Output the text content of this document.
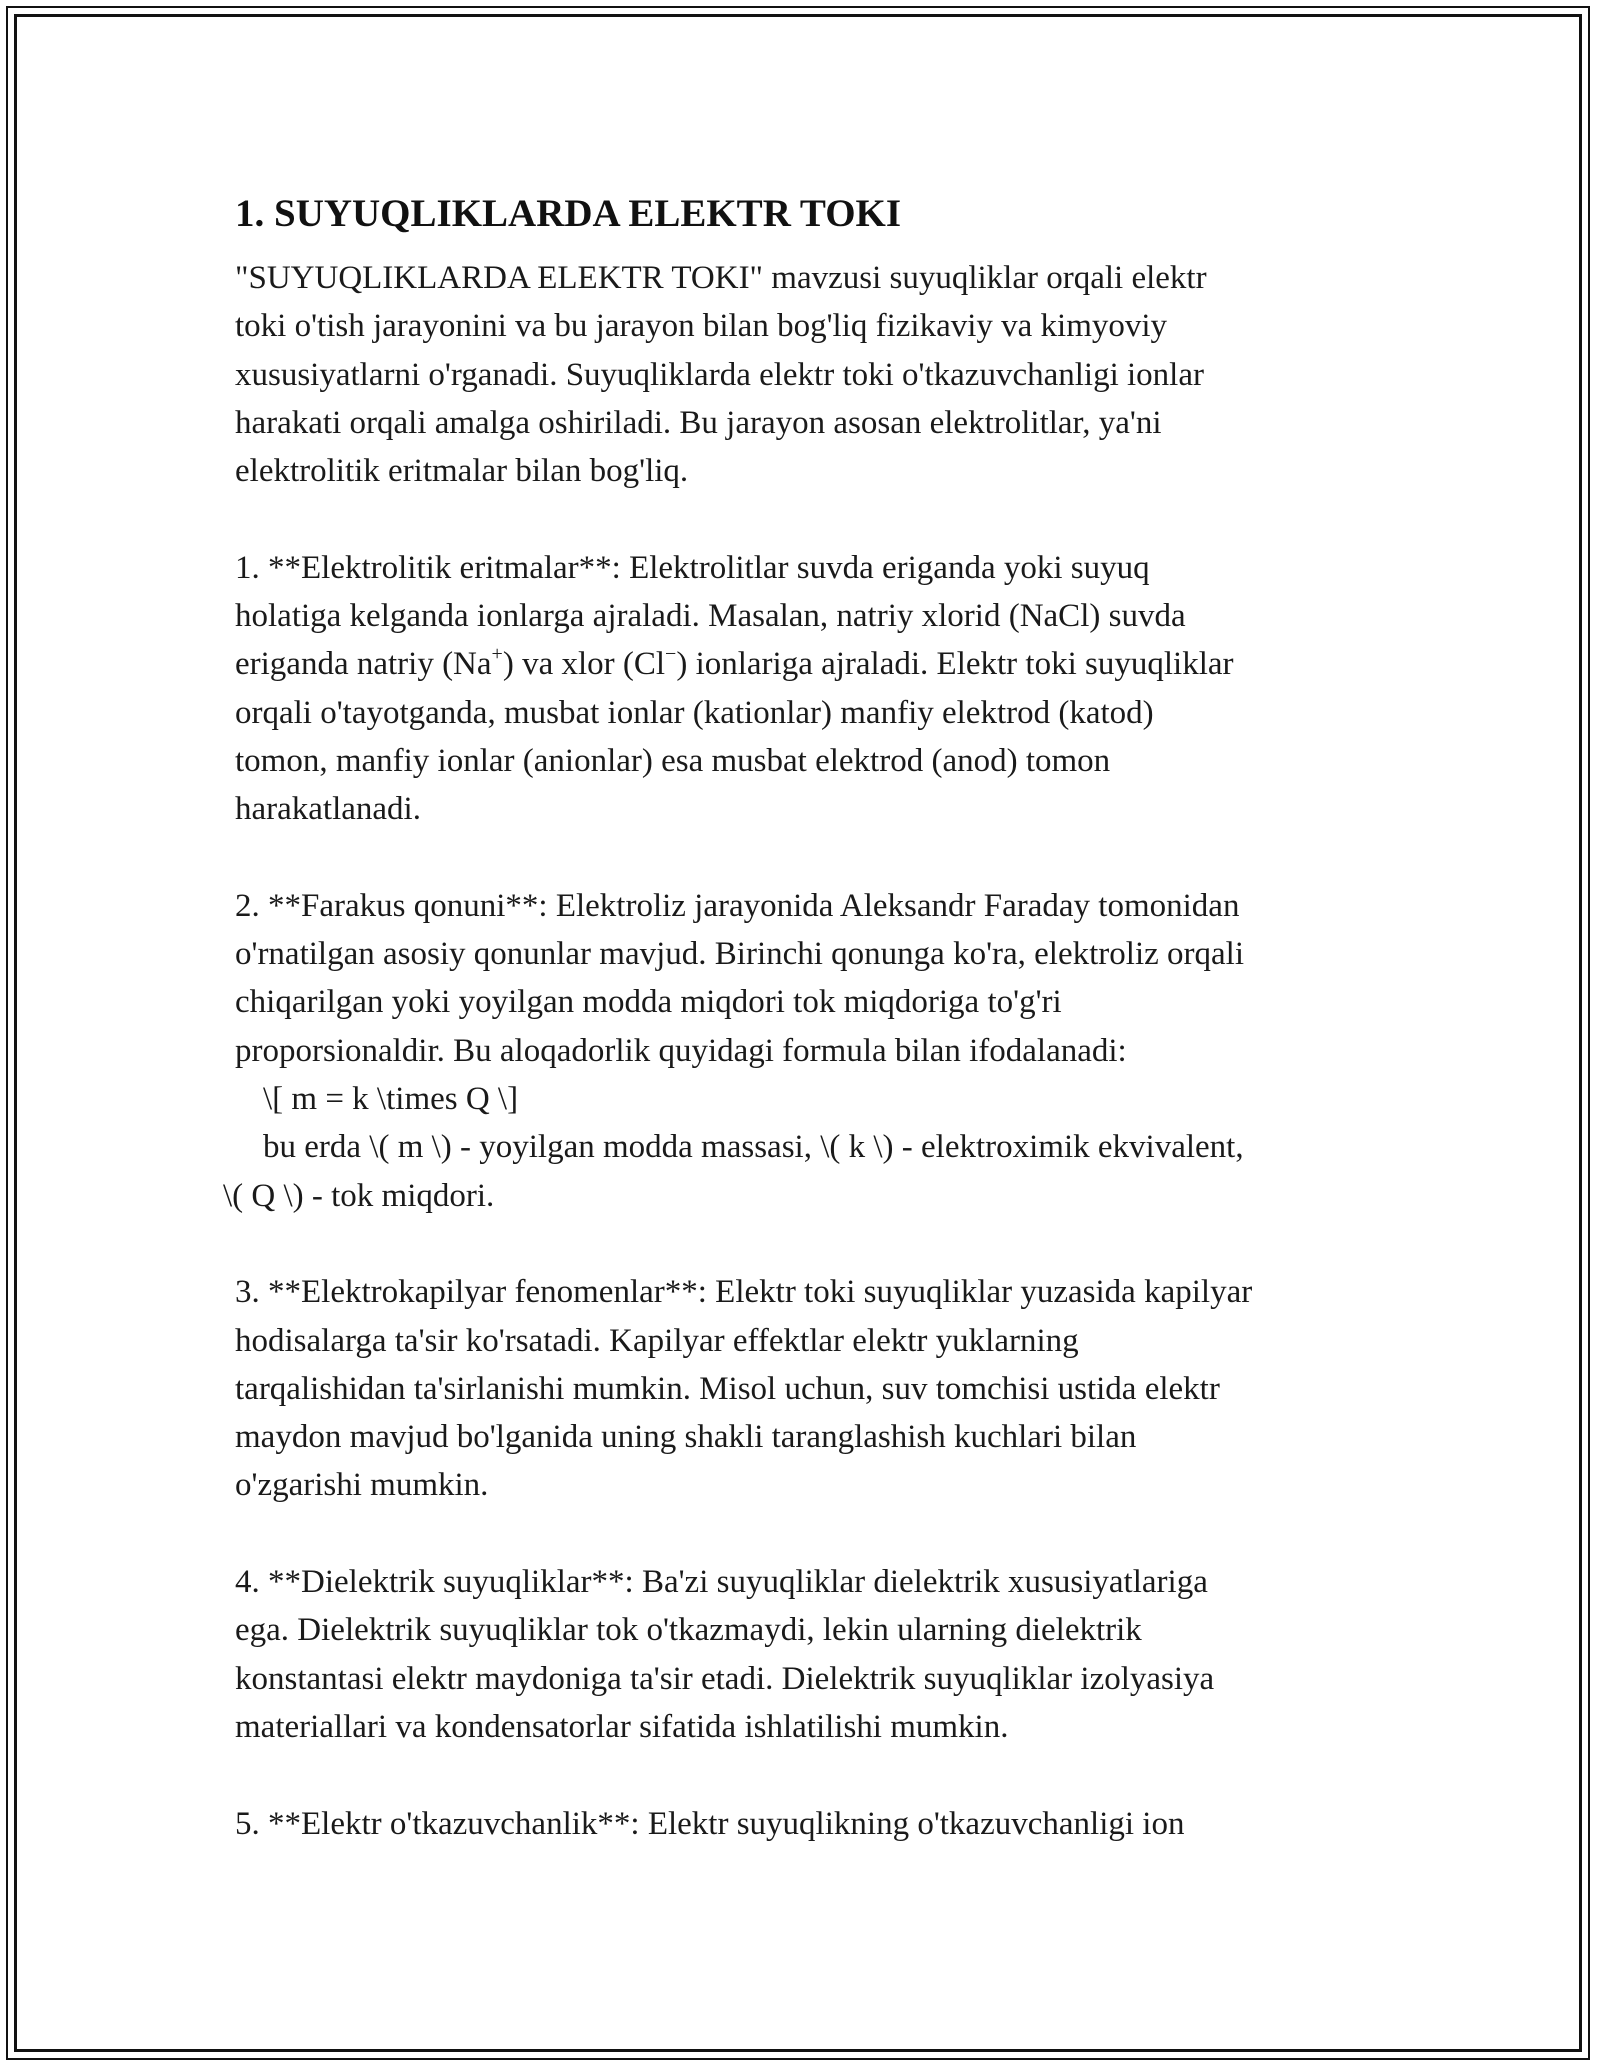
1. SUYUQLIKLARDA ELEKTR TOKI

"SUYUQLIKLARDA ELEKTR TOKI" mavzusi suyuqliklar orqali elektr
toki o'tish jarayonini va bu jarayon bilan bog'liq fizikaviy va kimyoviy
xususiyatlarni o'rganadi. Suyuqliklarda elektr toki o'tkazuvchanligi ionlar
harakati orqali amalga oshiriladi. Bu jarayon asosan elektrolitlar, ya'ni
elektrolitik eritmalar bilan bog'liq.

1. **Elektrolitik eritmalar**: Elektrolitlar suvda eriganda yoki suyuq
holatiga kelganda ionlarga ajraladi. Masalan, natriy xlorid (NaCl) suvda
eriganda natriy (Na+) va xlor (Cl−) ionlariga ajraladi. Elektr toki suyuqliklar
orqali o'tayotganda, musbat ionlar (kationlar) manfiy elektrod (katod)
tomon, manfiy ionlar (anionlar) esa musbat elektrod (anod) tomon
harakatlanadi.

2. **Farakus qonuni**: Elektroliz jarayonida Aleksandr Faraday tomonidan
o'rnatilgan asosiy qonunlar mavjud. Birinchi qonunga ko'ra, elektroliz orqali
chiqarilgan yoki yoyilgan modda miqdori tok miqdoriga to'g'ri
proporsionaldir. Bu aloqadorlik quyidagi formula bilan ifodalanadi:
\[ m = k \times Q \]
bu erda \( m \) - yoyilgan modda massasi, \( k \) - elektroximik ekvivalent,
\( Q \) - tok miqdori.

3. **Elektrokapilyar fenomenlar**: Elektr toki suyuqliklar yuzasida kapilyar
hodisalarga ta'sir ko'rsatadi. Kapilyar effektlar elektr yuklarning
tarqalishidan ta'sirlanishi mumkin. Misol uchun, suv tomchisi ustida elektr
maydon mavjud bo'lganida uning shakli taranglashish kuchlari bilan
o'zgarishi mumkin.

4. **Dielektrik suyuqliklar**: Ba'zi suyuqliklar dielektrik xususiyatlariga
ega. Dielektrik suyuqliklar tok o'tkazmaydi, lekin ularning dielektrik
konstantasi elektr maydoniga ta'sir etadi. Dielektrik suyuqliklar izolyasiya
materiallari va kondensatorlar sifatida ishlatilishi mumkin.

5. **Elektr o'tkazuvchanlik**: Elektr suyuqlikning o'tkazuvchanligi ion
